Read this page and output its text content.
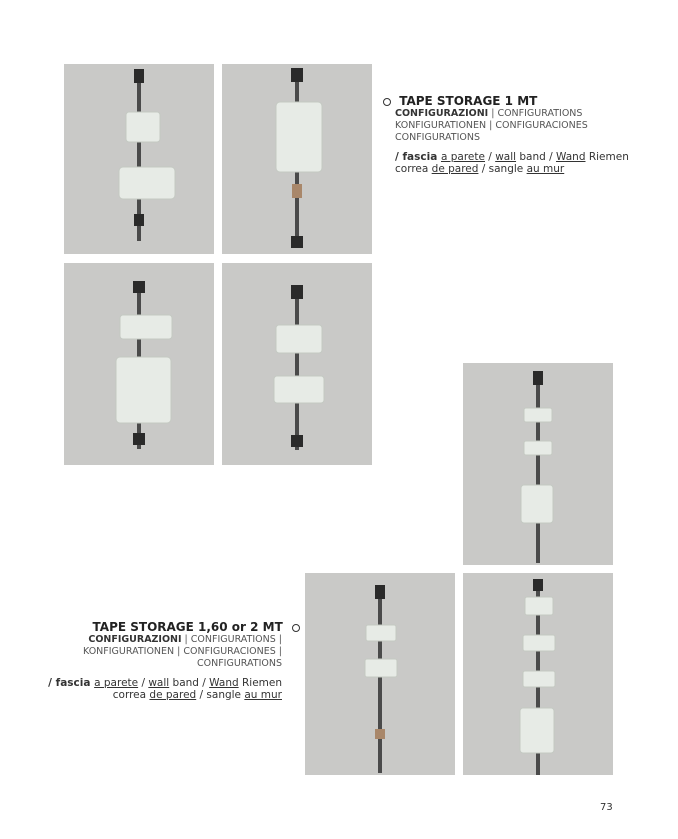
TAPE STORAGE 1 MT
CONFIGURAZIONI | CONFIGURATIONS
KONFIGURATIONEN | CONFIGURACIONES
CONFIGURATIONS
/ fascia a parete / wall band / Wand Riemen
correa de pared / sangle au mur
TAPE STORAGE 1,60 or 2 MT
CONFIGURAZIONI | CONFIGURATIONS |
KONFIGURATIONEN | CONFIGURACIONES |
CONFIGURATIONS
/ fascia a parete / wall band / Wand Riemen
correa de pared / sangle au mur
73
